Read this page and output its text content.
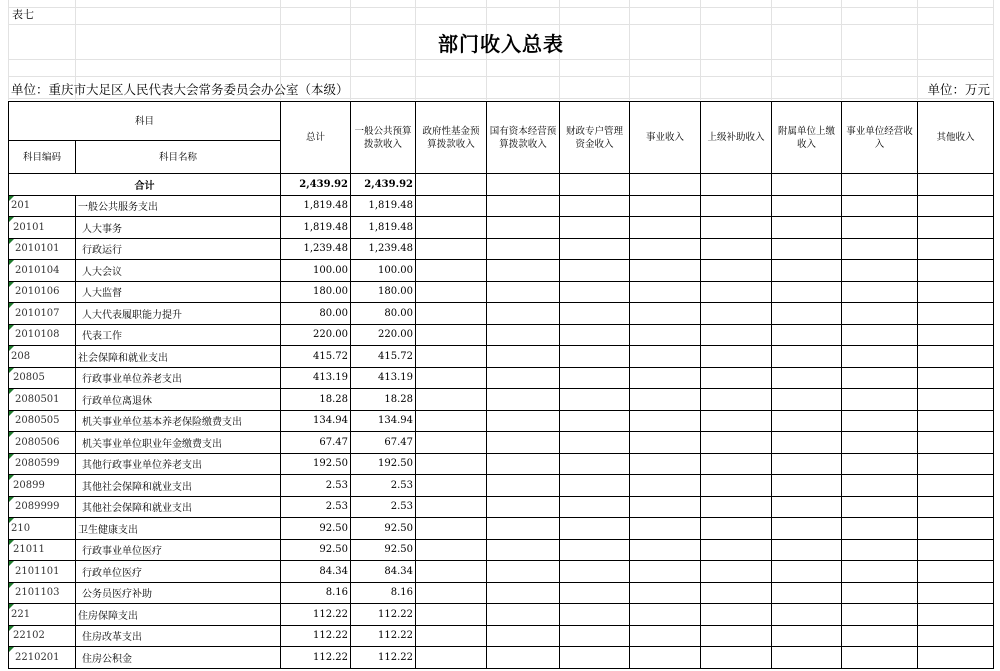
表七
部门收入总表
单位：重庆市大足区人民代表大会常务委员会办公室（本级）	单位：万元
科目		总计	一般公共预算拨款收入	政府性基金预算拨款收入	国有资本经营预算拨款收入	财政专户管理资金收入	事业收入	上级补助收入	附属单位上缴收入	事业单位经营收入	其他收入
科目编码	科目名称										
合计		2,439.92	2,439.92								
201	一般公共服务支出	1,819.48	1,819.48								
20101	人大事务	1,819.48	1,819.48								
2010101	行政运行	1,239.48	1,239.48								
2010104	人大会议	100.00	100.00								
2010106	人大监督	180.00	180.00								
2010107	人大代表履职能力提升	80.00	80.00								
2010108	代表工作	220.00	220.00								
208	社会保障和就业支出	415.72	415.72								
20805	行政事业单位养老支出	413.19	413.19								
2080501	行政单位离退休	18.28	18.28								
2080505	机关事业单位基本养老保险缴费支出	134.94	134.94								
2080506	机关事业单位职业年金缴费支出	67.47	67.47								
2080599	其他行政事业单位养老支出	192.50	192.50								
20899	其他社会保障和就业支出	2.53	2.53								
2089999	其他社会保障和就业支出	2.53	2.53								
210	卫生健康支出	92.50	92.50								
21011	行政事业单位医疗	92.50	92.50								
2101101	行政单位医疗	84.34	84.34								
2101103	公务员医疗补助	8.16	8.16								
221	住房保障支出	112.22	112.22								
22102	住房改革支出	112.22	112.22								
2210201	住房公积金	112.22	112.22								
